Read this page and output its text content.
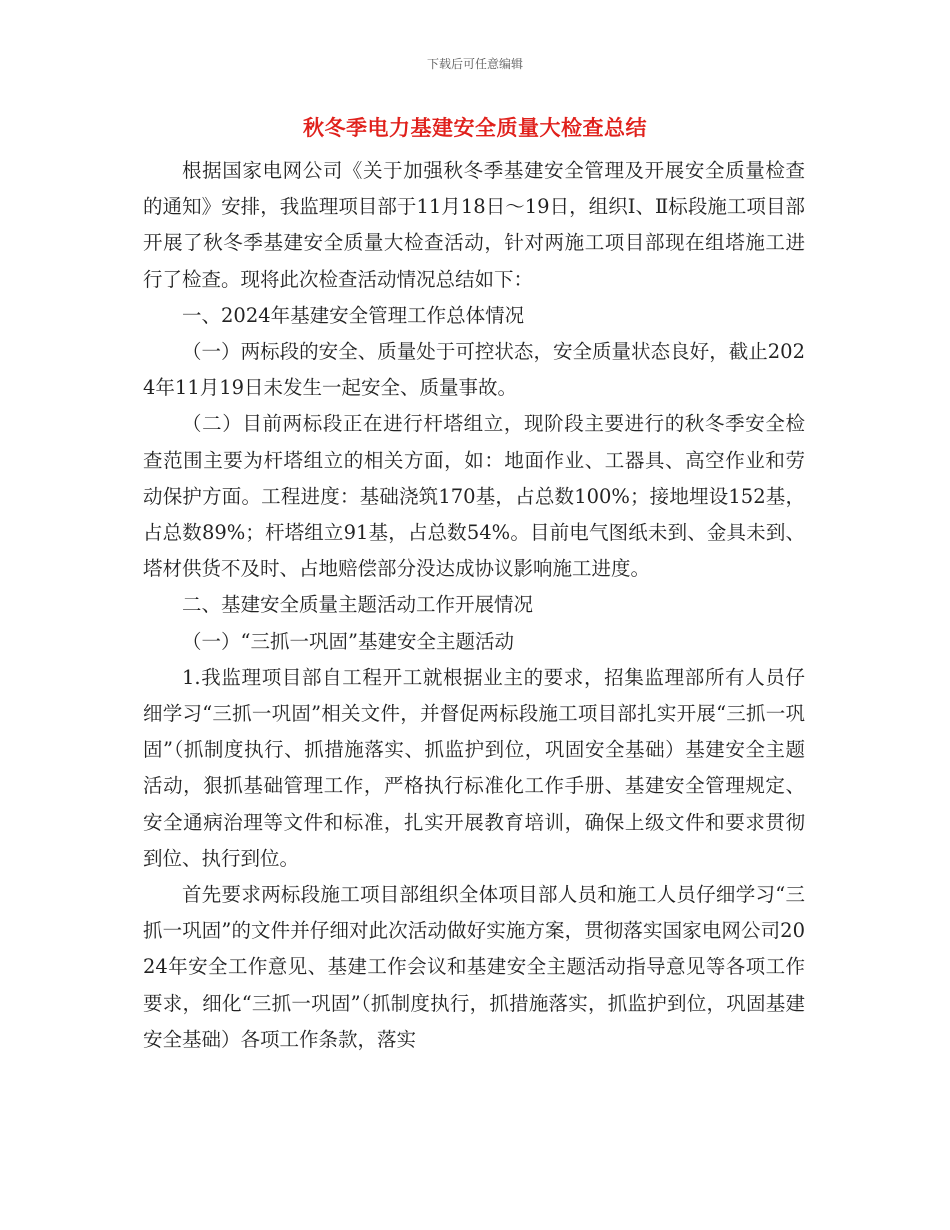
下载后可任意编辑
秋冬季电力基建安全质量大检查总结

根据国家电网公司《关于加强秋冬季基建安全管理及开展安全质量检查的通知》安排，我监理项目部于11月18日～19日，组织Ⅰ、Ⅱ标段施工项目部开展了秋冬季基建安全质量大检查活动，针对两施工项目部现在组塔施工进行了检查。现将此次检查活动情况总结如下：

一、2024年基建安全管理工作总体情况

（一）两标段的安全、质量处于可控状态，安全质量状态良好，截止2024年11月19日未发生一起安全、质量事故。

（二）目前两标段正在进行杆塔组立，现阶段主要进行的秋冬季安全检查范围主要为杆塔组立的相关方面，如：地面作业、工器具、高空作业和劳动保护方面。工程进度：基础浇筑170基，占总数100%；接地埋设152基，占总数89%；杆塔组立91基，占总数54%。目前电气图纸未到、金具未到、塔材供货不及时、占地赔偿部分没达成协议影响施工进度。

二、基建安全质量主题活动工作开展情况

（一）“三抓一巩固”基建安全主题活动

1.我监理项目部自工程开工就根据业主的要求，招集监理部所有人员仔细学习“三抓一巩固”相关文件，并督促两标段施工项目部扎实开展“三抓一巩固”（抓制度执行、抓措施落实、抓监护到位，巩固安全基础）基建安全主题活动，狠抓基础管理工作，严格执行标准化工作手册、基建安全管理规定、安全通病治理等文件和标准，扎实开展教育培训，确保上级文件和要求贯彻到位、执行到位。

首先要求两标段施工项目部组织全体项目部人员和施工人员仔细学习“三抓一巩固”的文件并仔细对此次活动做好实施方案，贯彻落实国家电网公司2024年安全工作意见、基建工作会议和基建安全主题活动指导意见等各项工作要求，细化“三抓一巩固”（抓制度执行，抓措施落实，抓监护到位，巩固基建安全基础）各项工作条款，落实
